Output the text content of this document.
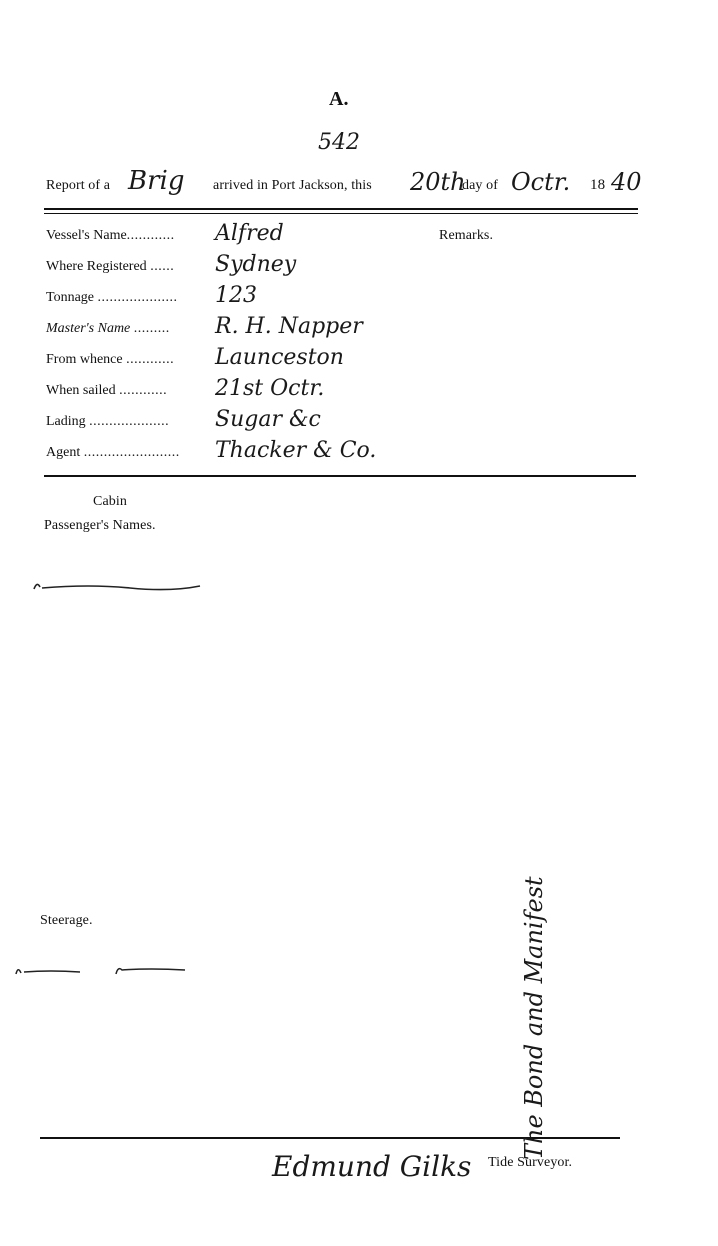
A.
542
Report of a Brig arrived in Port Jackson, this 20th
day of Octr. 18 40
Remarks.
Vessel's Name............
Where Registered ......
Tonnage ....................
Master's Name .........
From whence ............
When sailed ............
Lading ....................
Agent ........................
Alfred
Sydney
123
R. H. Napper
Launceston
21st Octr.
Sugar &c
Thacker & Co.
Cabin
Passenger's Names.
Steerage.
Edmund Gilks Tide Surveyor.
The Bond and Manifest
